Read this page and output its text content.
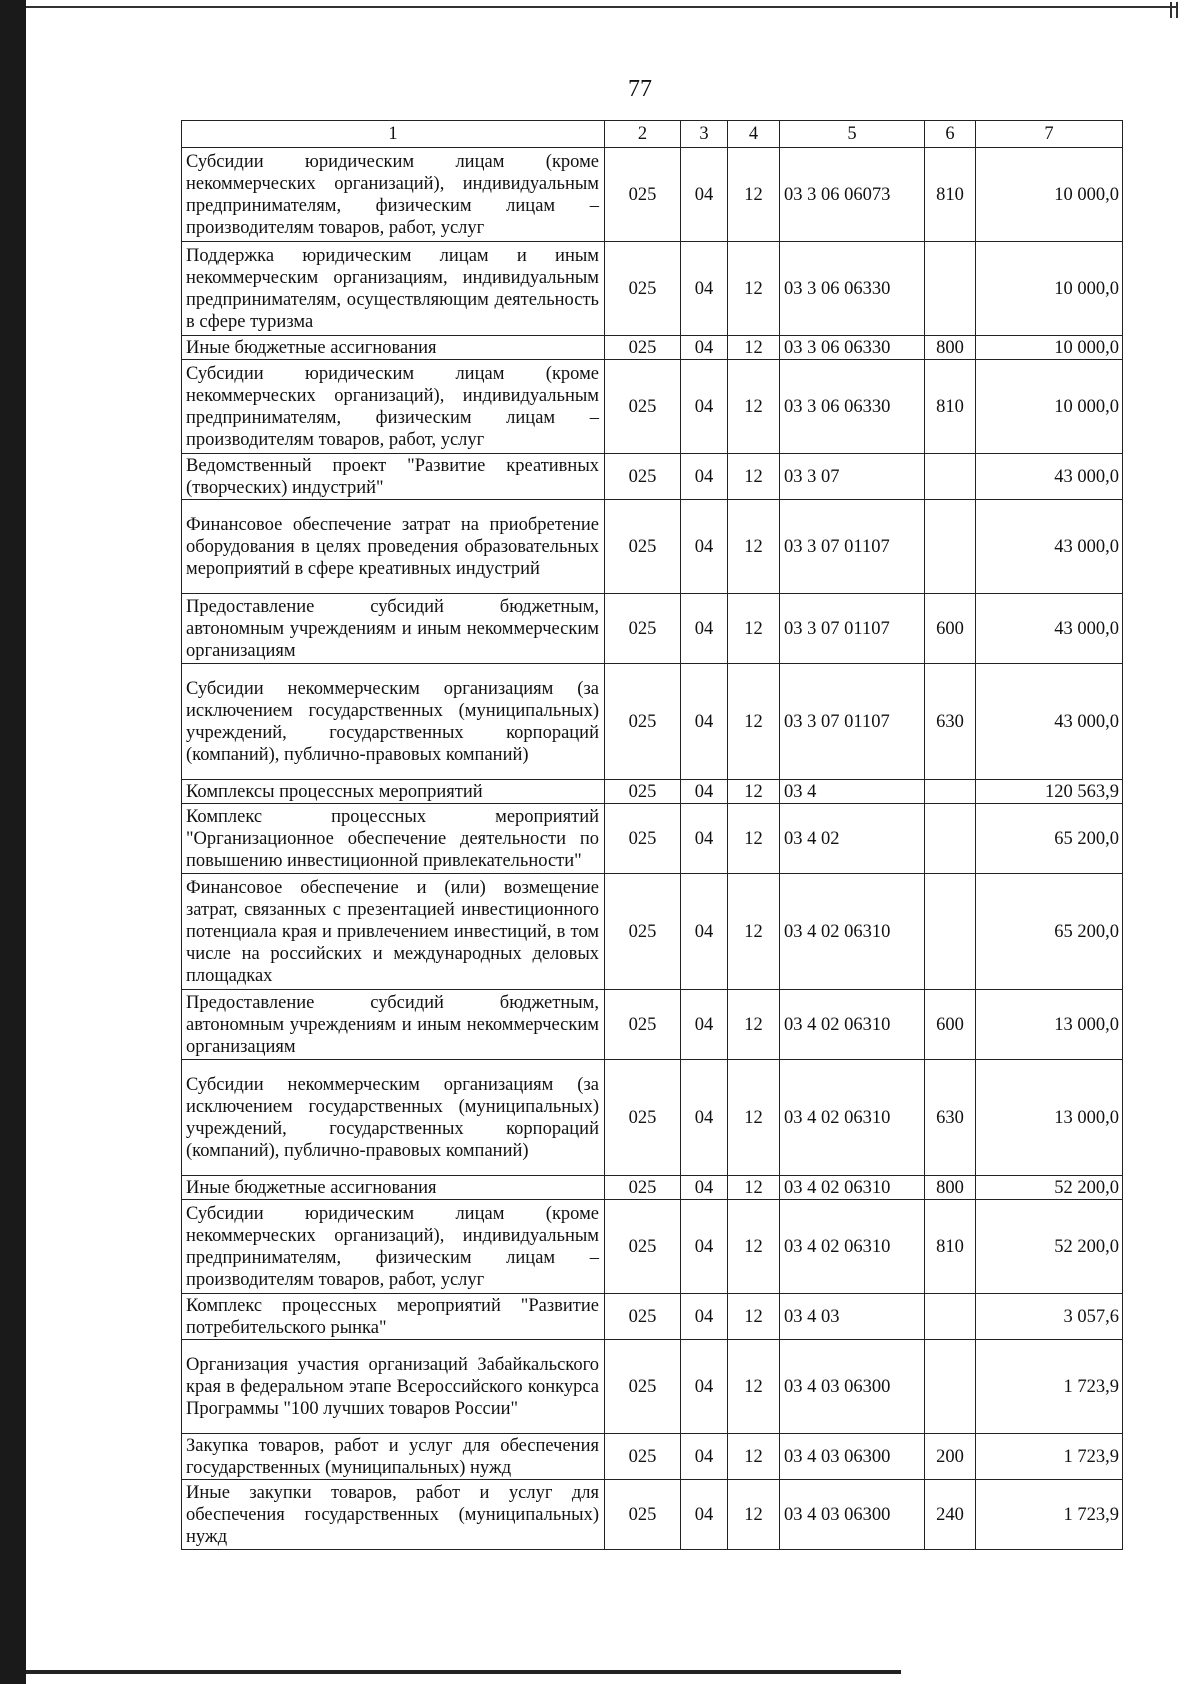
77
1	2	3	4	5	6	7
Субсидии юридическим лицам (кроме некоммерческих организаций), индивидуальным предпринимателям, физическим лицам – производителям товаров, работ, услуг	025	04	12	03 3 06 06073	810	10 000,0
Поддержка юридическим лицам и иным некоммерческим организациям, индивидуальным предпринимателям, осуществляющим деятельность в сфере туризма	025	04	12	03 3 06 06330		10 000,0
Иные бюджетные ассигнования	025	04	12	03 3 06 06330	800	10 000,0
Субсидии юридическим лицам (кроме некоммерческих организаций), индивидуальным предпринимателям, физическим лицам – производителям товаров, работ, услуг	025	04	12	03 3 06 06330	810	10 000,0
Ведомственный проект "Развитие креативных (творческих) индустрий"	025	04	12	03 3 07		43 000,0
Финансовое обеспечение затрат на приобретение оборудования в целях проведения образовательных мероприятий в сфере креативных индустрий	025	04	12	03 3 07 01107		43 000,0
Предоставление субсидий бюджетным, автономным учреждениям и иным некоммерческим организациям	025	04	12	03 3 07 01107	600	43 000,0
Субсидии некоммерческим организациям (за исключением государственных (муниципальных) учреждений, государственных корпораций (компаний), публично-правовых компаний)	025	04	12	03 3 07 01107	630	43 000,0
Комплексы процессных мероприятий	025	04	12	03 4		120 563,9
Комплекс процессных мероприятий "Организационное обеспечение деятельности по повышению инвестиционной привлекательности"	025	04	12	03 4 02		65 200,0
Финансовое обеспечение и (или) возмещение затрат, связанных с презентацией инвестиционного потенциала края и привлечением инвестиций, в том числе на российских и международных деловых площадках	025	04	12	03 4 02 06310		65 200,0
Предоставление субсидий бюджетным, автономным учреждениям и иным некоммерческим организациям	025	04	12	03 4 02 06310	600	13 000,0
Субсидии некоммерческим организациям (за исключением государственных (муниципальных) учреждений, государственных корпораций (компаний), публично-правовых компаний)	025	04	12	03 4 02 06310	630	13 000,0
Иные бюджетные ассигнования	025	04	12	03 4 02 06310	800	52 200,0
Субсидии юридическим лицам (кроме некоммерческих организаций), индивидуальным предпринимателям, физическим лицам – производителям товаров, работ, услуг	025	04	12	03 4 02 06310	810	52 200,0
Комплекс процессных мероприятий "Развитие потребительского рынка"	025	04	12	03 4 03		3 057,6
Организация участия организаций Забайкальского края в федеральном этапе Всероссийского конкурса Программы "100 лучших товаров России"	025	04	12	03 4 03 06300		1 723,9
Закупка товаров, работ и услуг для обеспечения государственных (муниципальных) нужд	025	04	12	03 4 03 06300	200	1 723,9
Иные закупки товаров, работ и услуг для обеспечения государственных (муниципальных) нужд	025	04	12	03 4 03 06300	240	1 723,9
